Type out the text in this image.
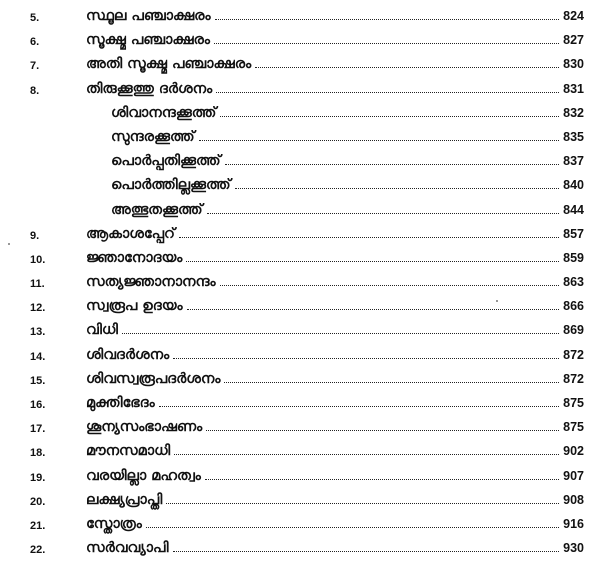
5.	സ്ഥൂല പഞ്ചാക്ഷരം	824
6.	സൂക്ഷ്മ പഞ്ചാക്ഷരം	827
7.	അതി സൂക്ഷ്മ പഞ്ചാക്ഷരം	830
8.	തിരുക്കൂത്തു ദർശനം	831
ശിവാനന്ദക്കൂത്ത്	832
സുന്ദരക്കൂത്ത്	835
പൊർപ്പതിക്കൂത്ത്	837
പൊർത്തില്ലക്കൂത്ത്	840
അത്ഭുതക്കൂത്ത്	844
9.	ആകാശപ്പേറ്	857
10.	ജ്ഞാനോദയം	859
11.	സത്യജ്ഞാനാനന്ദം	863
12.	സ്വരൂപ ഉദയം	866
13.	വിധി	869
14.	ശിവദർശനം	872
15.	ശിവസ്വരൂപദർശനം	872
16.	മുക്തിഭേദം	875
17.	ശൂന്യസംഭാഷണം	875
18.	മൗനസമാധി	902
19.	വരയില്ലാ മഹത്വം	907
20.	ലക്ഷ്യപ്രാപ്തി	908
21.	സ്തോത്രം	916
22.	സർവവ്യാപി	930
